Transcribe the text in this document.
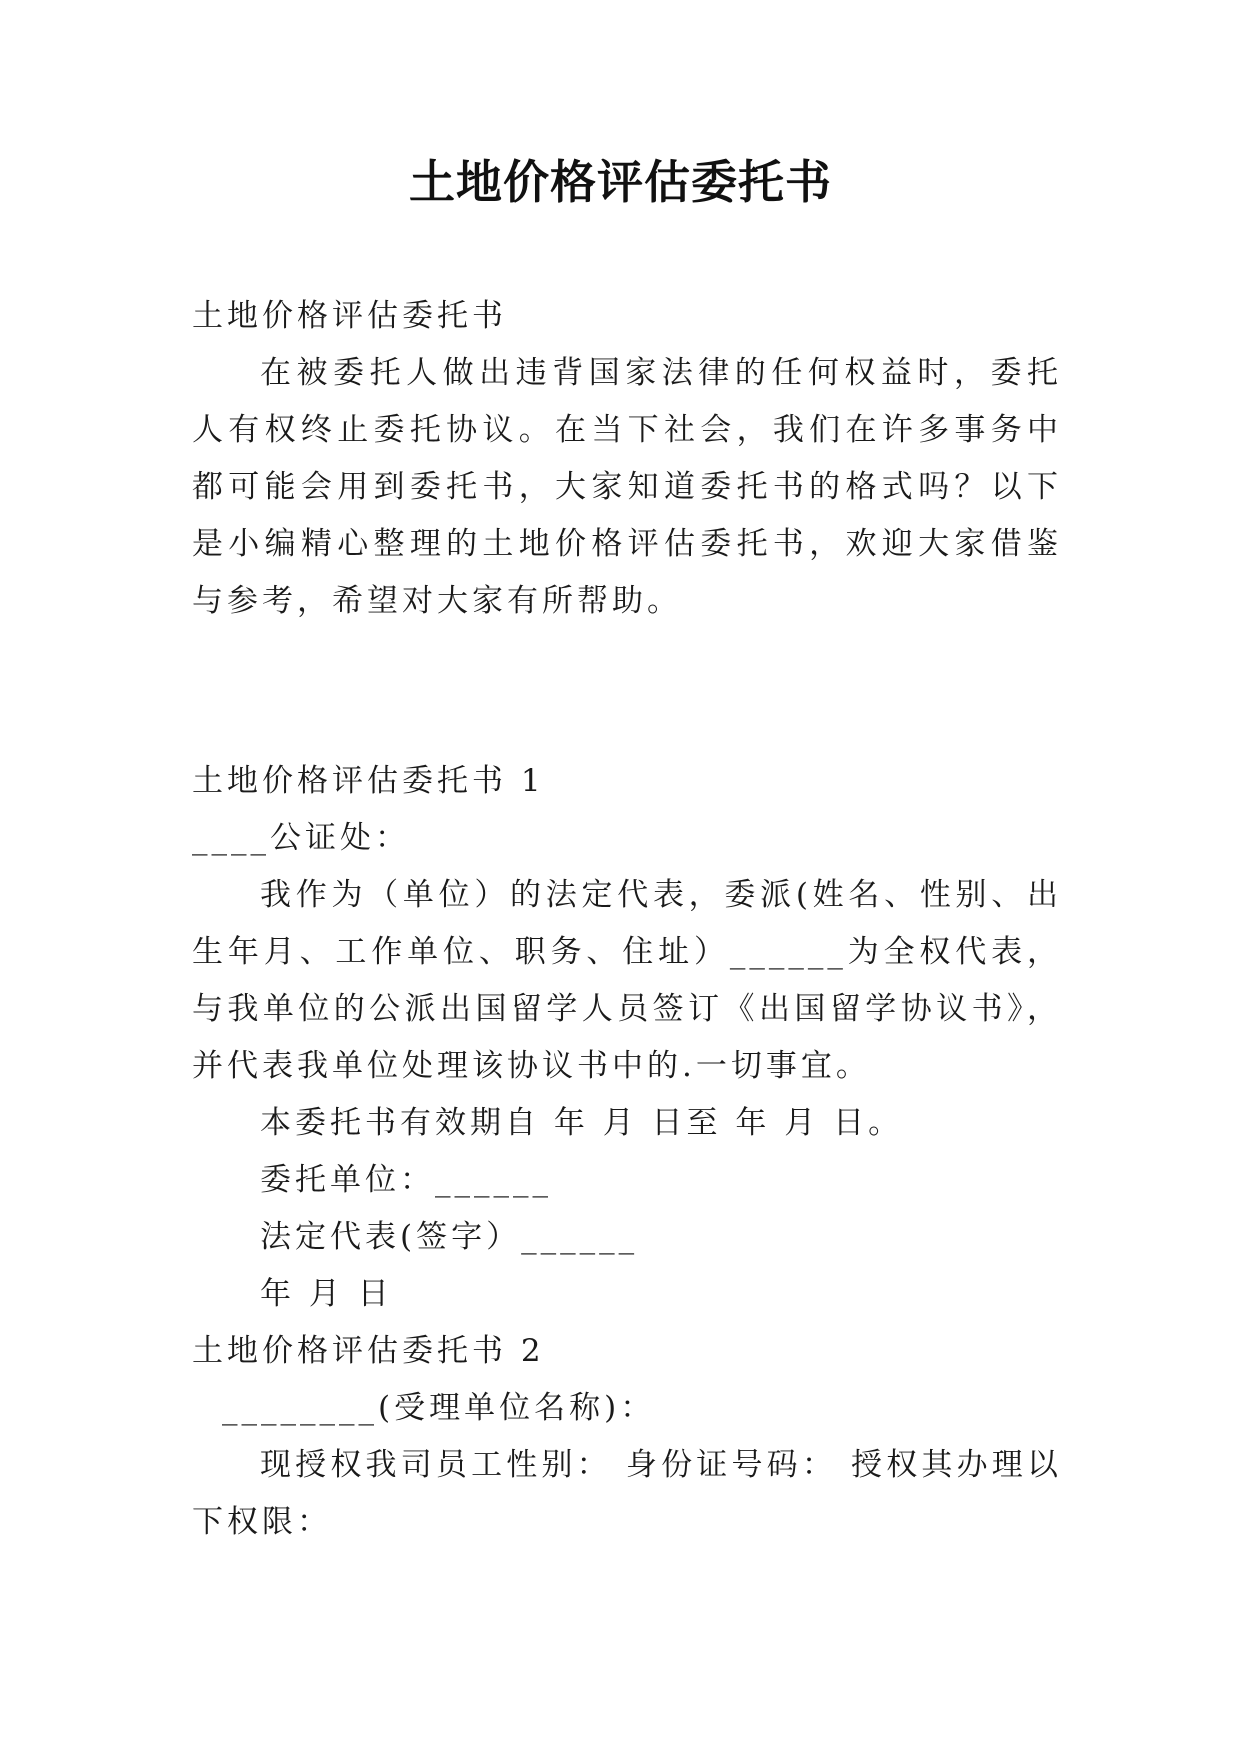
土地价格评估委托书

土地价格评估委托书

在被委托人做出违背国家法律的任何权益时，委托人有权终止委托协议。在当下社会，我们在许多事务中都可能会用到委托书，大家知道委托书的格式吗？以下是小编精心整理的土地价格评估委托书，欢迎大家借鉴与参考，希望对大家有所帮助。

土地价格评估委托书 1

____公证处：

我作为（单位）的法定代表，委派(姓名、性别、出生年月、工作单位、职务、住址）______为全权代表，与我单位的公派出国留学人员签订《出国留学协议书》，并代表我单位处理该协议书中的.一切事宜。

本委托书有效期自 年 月 日至 年 月 日。

委托单位：______

法定代表(签字）______

年 月 日

土地价格评估委托书 2

________(受理单位名称)：

现授权我司员工性别： 身份证号码： 授权其办理以下权限：
